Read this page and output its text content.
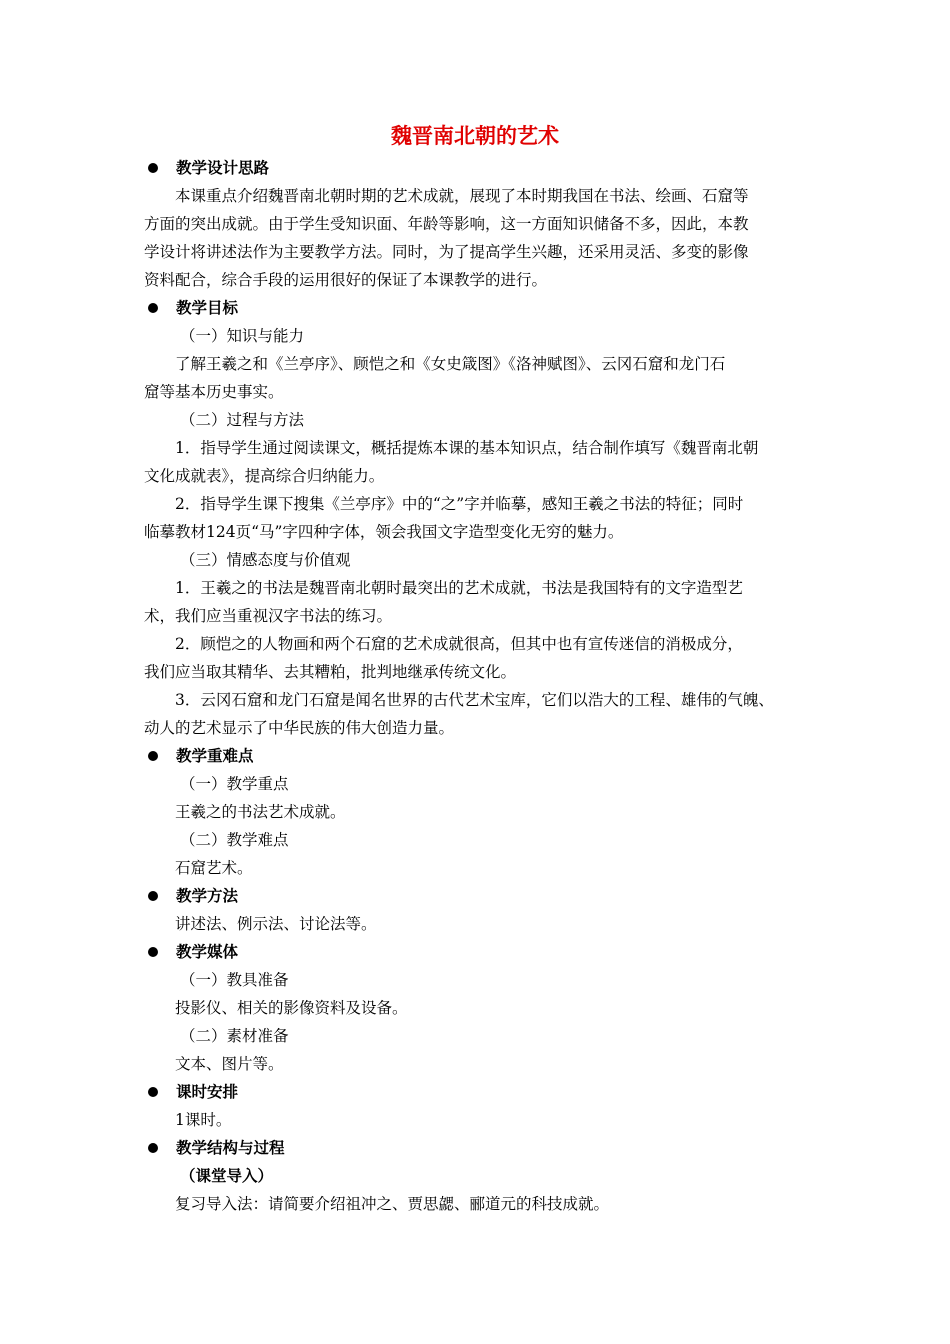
魏晋南北朝的艺术
教学设计思路

本课重点介绍魏晋南北朝时期的艺术成就，展现了本时期我国在书法、绘画、石窟等

方面的突出成就。由于学生受知识面、年龄等影响，这一方面知识储备不多，因此，本教

学设计将讲述法作为主要教学方法。同时，为了提高学生兴趣，还采用灵活、多变的影像

资料配合，综合手段的运用很好的保证了本课教学的进行。

教学目标

（一）知识与能力

了解王羲之和《兰亭序》、顾恺之和《女史箴图》《洛神赋图》、云冈石窟和龙门石

窟等基本历史事实。

（二）过程与方法

1．指导学生通过阅读课文，概括提炼本课的基本知识点，结合制作填写《魏晋南北朝

文化成就表》，提高综合归纳能力。

2．指导学生课下搜集《兰亭序》中的“之”字并临摹，感知王羲之书法的特征；同时

临摹教材124页“马”字四种字体，领会我国文字造型变化无穷的魅力。

（三）情感态度与价值观

1．王羲之的书法是魏晋南北朝时最突出的艺术成就，书法是我国特有的文字造型艺

术，我们应当重视汉字书法的练习。

2．顾恺之的人物画和两个石窟的艺术成就很高，但其中也有宣传迷信的消极成分，

我们应当取其精华、去其糟粕，批判地继承传统文化。

3．云冈石窟和龙门石窟是闻名世界的古代艺术宝库，它们以浩大的工程、雄伟的气魄、

动人的艺术显示了中华民族的伟大创造力量。

教学重难点

（一）教学重点

王羲之的书法艺术成就。

（二）教学难点

石窟艺术。

教学方法

讲述法、例示法、讨论法等。

教学媒体

（一）教具准备

投影仪、相关的影像资料及设备。

（二）素材准备

文本、图片等。

课时安排

1课时。

教学结构与过程

（课堂导入）

复习导入法：请简要介绍祖冲之、贾思勰、郦道元的科技成就。
